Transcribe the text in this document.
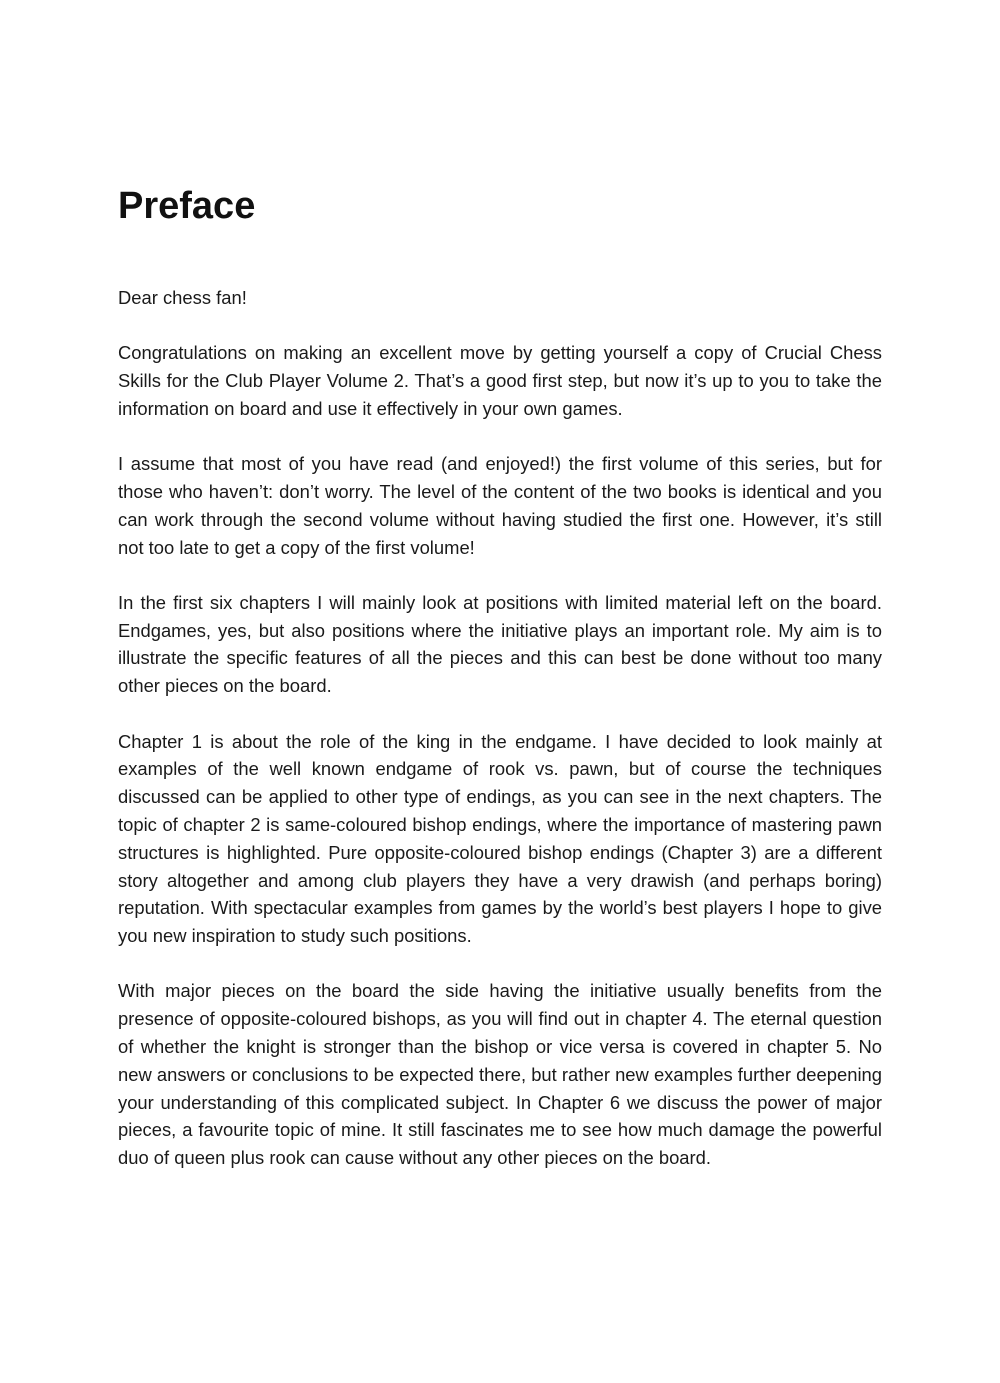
Preface

Dear chess fan!

Congratulations on making an excellent move by getting yourself a copy of Crucial Chess Skills for the Club Player Volume 2. That’s a good first step, but now it’s up to you to take the information on board and use it effectively in your own games.

I assume that most of you have read (and enjoyed!) the first volume of this series, but for those who haven’t: don’t worry. The level of the content of the two books is identical and you can work through the second volume without having studied the first one. However, it’s still not too late to get a copy of the first volume!

In the first six chapters I will mainly look at positions with limited material left on the board. Endgames, yes, but also positions where the initiative plays an important role. My aim is to illustrate the specific features of all the pieces and this can best be done without too many other pieces on the board.

Chapter 1 is about the role of the king in the endgame. I have decided to look mainly at examples of the well known endgame of rook vs. pawn, but of course the techniques discussed can be applied to other type of endings, as you can see in the next chapters. The topic of chapter 2 is same-coloured bishop endings, where the importance of mastering pawn structures is highlighted. Pure opposite-coloured bishop endings (Chapter 3) are a different story altogether and among club players they have a very drawish (and perhaps boring) reputation. With spectacular examples from games by the world’s best players I hope to give you new inspiration to study such positions.

With major pieces on the board the side having the initiative usually benefits from the presence of opposite-coloured bishops, as you will find out in chapter 4. The eternal question of whether the knight is stronger than the bishop or vice versa is covered in chapter 5. No new answers or conclusions to be expected there, but rather new examples further deepening your understanding of this complicated subject. In Chapter 6 we discuss the power of major pieces, a favourite topic of mine. It still fascinates me to see how much damage the powerful duo of queen plus rook can cause without any other pieces on the board.
